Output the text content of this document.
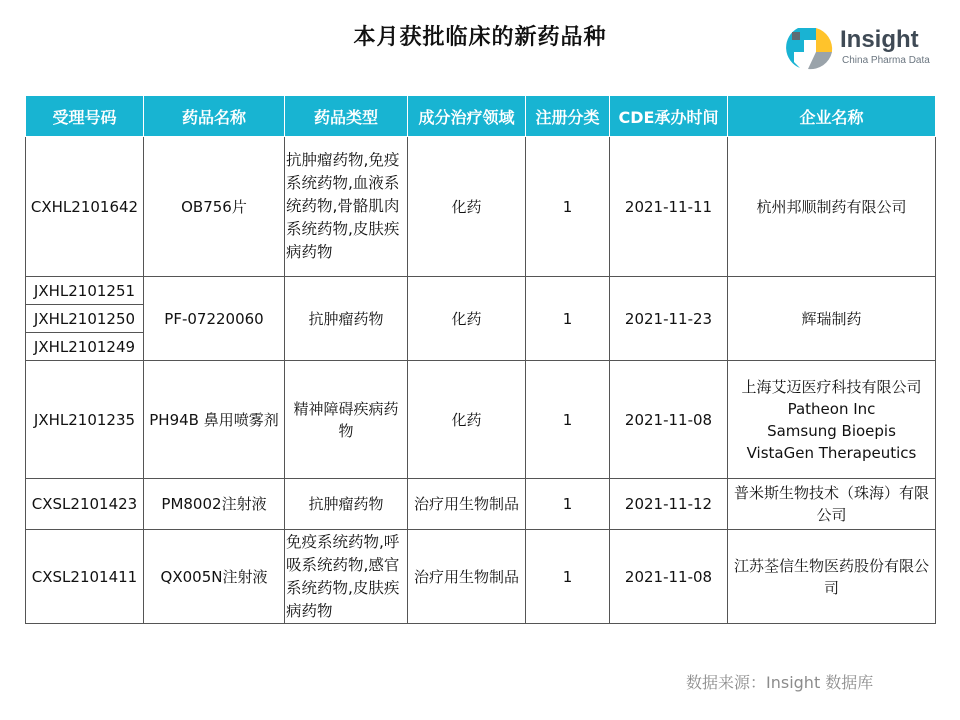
本月获批临床的新药品种	Insight
China Pharma Data
受理号码	药品名称	药品类型	成分治疗领域	注册分类	CDE承办时间	企业名称
CXHL2101642	OB756片	抗肿瘤药物,免疫系统药物,血液系统药物,骨骼肌肉系统药物,皮肤疾病药物	化药	1	2021-11-11	杭州邦顺制药有限公司
JXHL2101251	PF-07220060	抗肿瘤药物	化药	1	2021-11-23	辉瑞制药
JXHL2101250						
JXHL2101249						
JXHL2101235	PH94B 鼻用喷雾剂	精神障碍疾病药物	化药	1	2021-11-08	上海艾迈医疗科技有限公司
Patheon Inc
Samsung Bioepis
VistaGen Therapeutics

CXSL2101423	PM8002注射液	抗肿瘤药物	治疗用生物制品	1	2021-11-12	普米斯生物技术（珠海）有限公司
CXSL2101411	QX005N注射液	免疫系统药物,呼吸系统药物,感官系统药物,皮肤疾病药物	治疗用生物制品	1	2021-11-08	江苏荃信生物医药股份有限公司
数据来源：Insight 数据库
